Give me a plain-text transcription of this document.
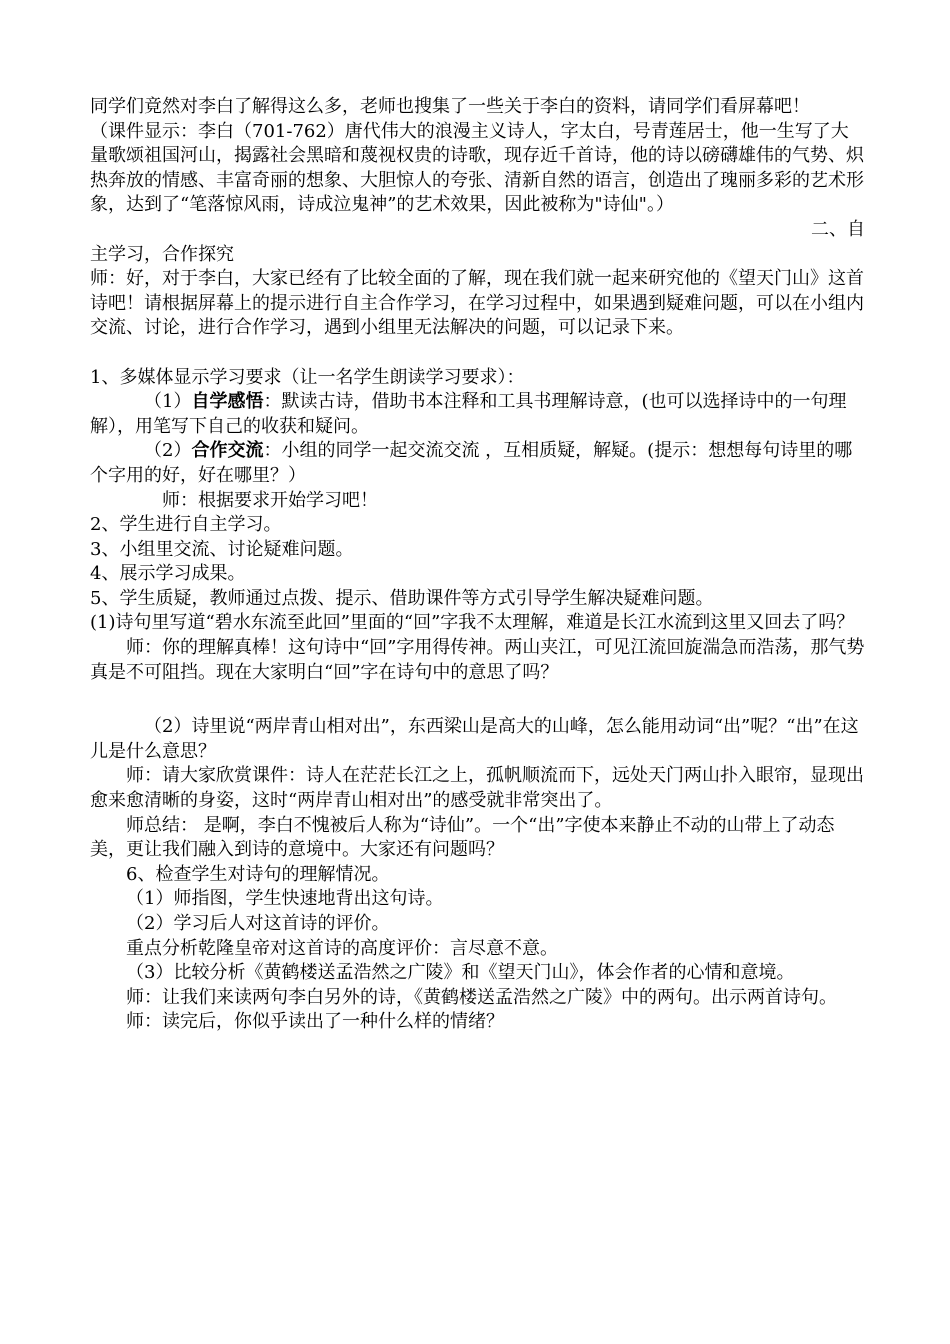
同学们竟然对李白了解得这么多，老师也搜集了一些关于李白的资料，请同学们看屏幕吧！

（课件显示：李白（701-762）唐代伟大的浪漫主义诗人，字太白，号青莲居士，他一生写了大量歌颂祖国河山，揭露社会黑暗和蔑视权贵的诗歌，现存近千首诗，他的诗以磅礴雄伟的气势、炽热奔放的情感、丰富奇丽的想象、大胆惊人的夸张、清新自然的语言，创造出了瑰丽多彩的艺术形象，达到了“笔落惊风雨，诗成泣鬼神”的艺术效果，因此被称为"诗仙"。）二、自

主学习，合作探究

师：好，对于李白，大家已经有了比较全面的了解，现在我们就一起来研究他的《望天门山》这首诗吧！请根据屏幕上的提示进行自主合作学习，在学习过程中，如果遇到疑难问题，可以在小组内交流、讨论，进行合作学习，遇到小组里无法解决的问题，可以记录下来。

1、多媒体显示学习要求（让一名学生朗读学习要求）：

（1）自学感悟：默读古诗，借助书本注释和工具书理解诗意，(也可以选择诗中的一句理解），用笔写下自己的收获和疑问。

（2）合作交流：小组的同学一起交流交流 ，互相质疑，解疑。(提示：想想每句诗里的哪个字用的好，好在哪里？）

师：根据要求开始学习吧！

2、学生进行自主学习。

3、小组里交流、讨论疑难问题。

4、展示学习成果。

5、学生质疑，教师通过点拨、提示、借助课件等方式引导学生解决疑难问题。

(1)诗句里写道“碧水东流至此回”里面的“回”字我不太理解，难道是长江水流到这里又回去了吗？

师：你的理解真棒！这句诗中“回”字用得传神。两山夹江，可见江流回旋湍急而浩荡，那气势真是不可阻挡。现在大家明白“回”字在诗句中的意思了吗？

（2）诗里说“两岸青山相对出”，东西梁山是高大的山峰，怎么能用动词“出”呢？“出”在这儿是什么意思？

师：请大家欣赏课件：诗人在茫茫长江之上，孤帆顺流而下，远处天门两山扑入眼帘，显现出愈来愈清晰的身姿，这时“两岸青山相对出”的感受就非常突出了。

师总结： 是啊，李白不愧被后人称为“诗仙”。一个“出”字使本来静止不动的山带上了动态美，更让我们融入到诗的意境中。大家还有问题吗？

6、检查学生对诗句的理解情况。

（1）师指图，学生快速地背出这句诗。

（2）学习后人对这首诗的评价。

重点分析乾隆皇帝对这首诗的高度评价：言尽意不意。

（3）比较分析《黄鹤楼送孟浩然之广陵》和《望天门山》，体会作者的心情和意境。

师：让我们来读两句李白另外的诗，《黄鹤楼送孟浩然之广陵》中的两句。出示两首诗句。

师：读完后，你似乎读出了一种什么样的情绪？
